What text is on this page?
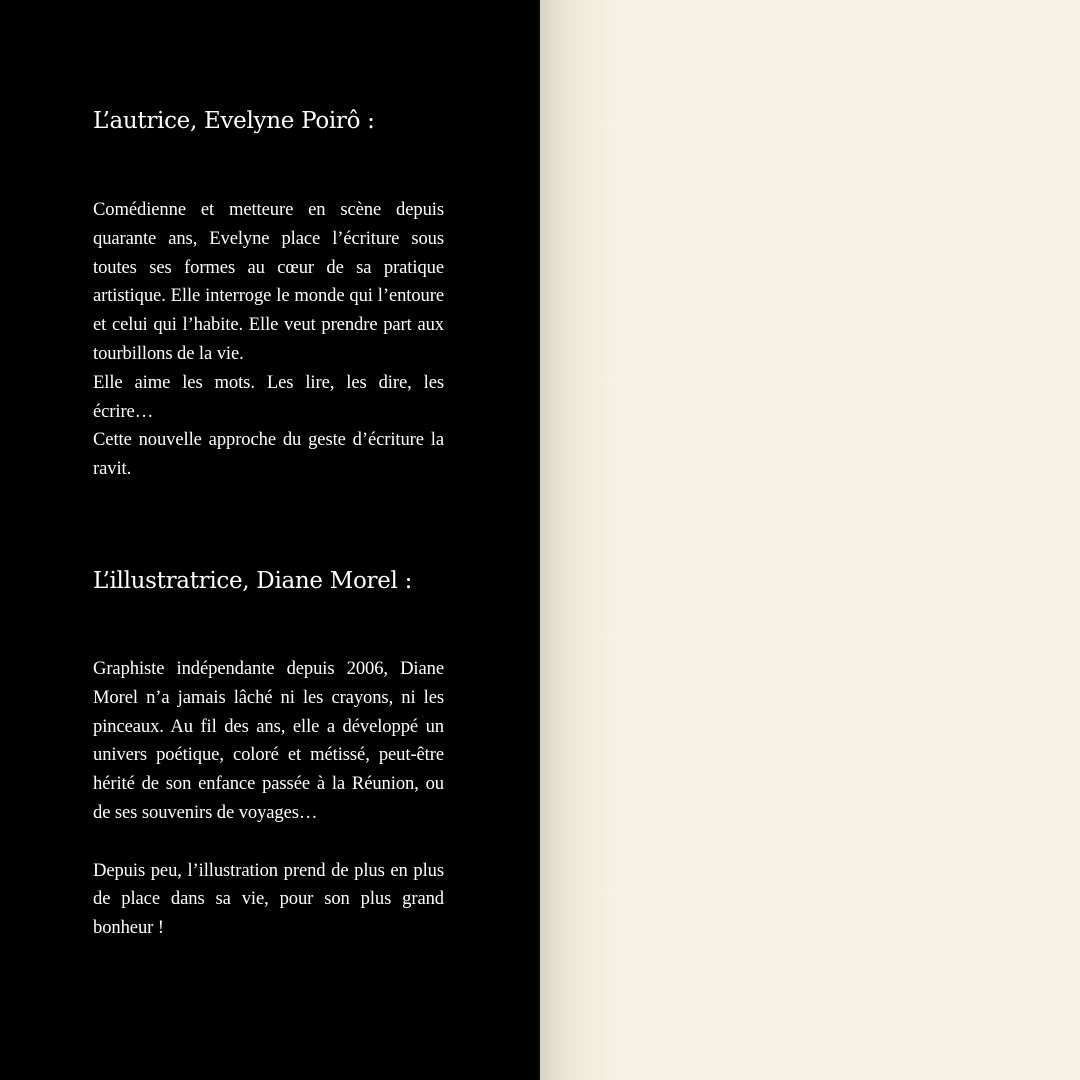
L’autrice, Evelyne Poirô :

Comédienne et metteure en scène depuis quarante ans, Evelyne place l’écriture sous toutes ses formes au cœur de sa pratique artistique. Elle interroge le monde qui l’entoure et celui qui l’habite. Elle veut prendre part aux tourbillons de la vie.

Elle aime les mots. Les lire, les dire, les écrire…

Cette nouvelle approche du geste d’écriture la ravit.

L’illustratrice, Diane Morel :

Graphiste indépendante depuis 2006, Diane Morel n’a jamais lâché ni les crayons, ni les pinceaux. Au fil des ans, elle a développé un univers poétique, coloré et métissé, peut-être hérité de son enfance passée à la Réunion, ou de ses souvenirs de voyages…

Depuis peu, l’illustration prend de plus en plus de place dans sa vie, pour son plus grand bonheur !
